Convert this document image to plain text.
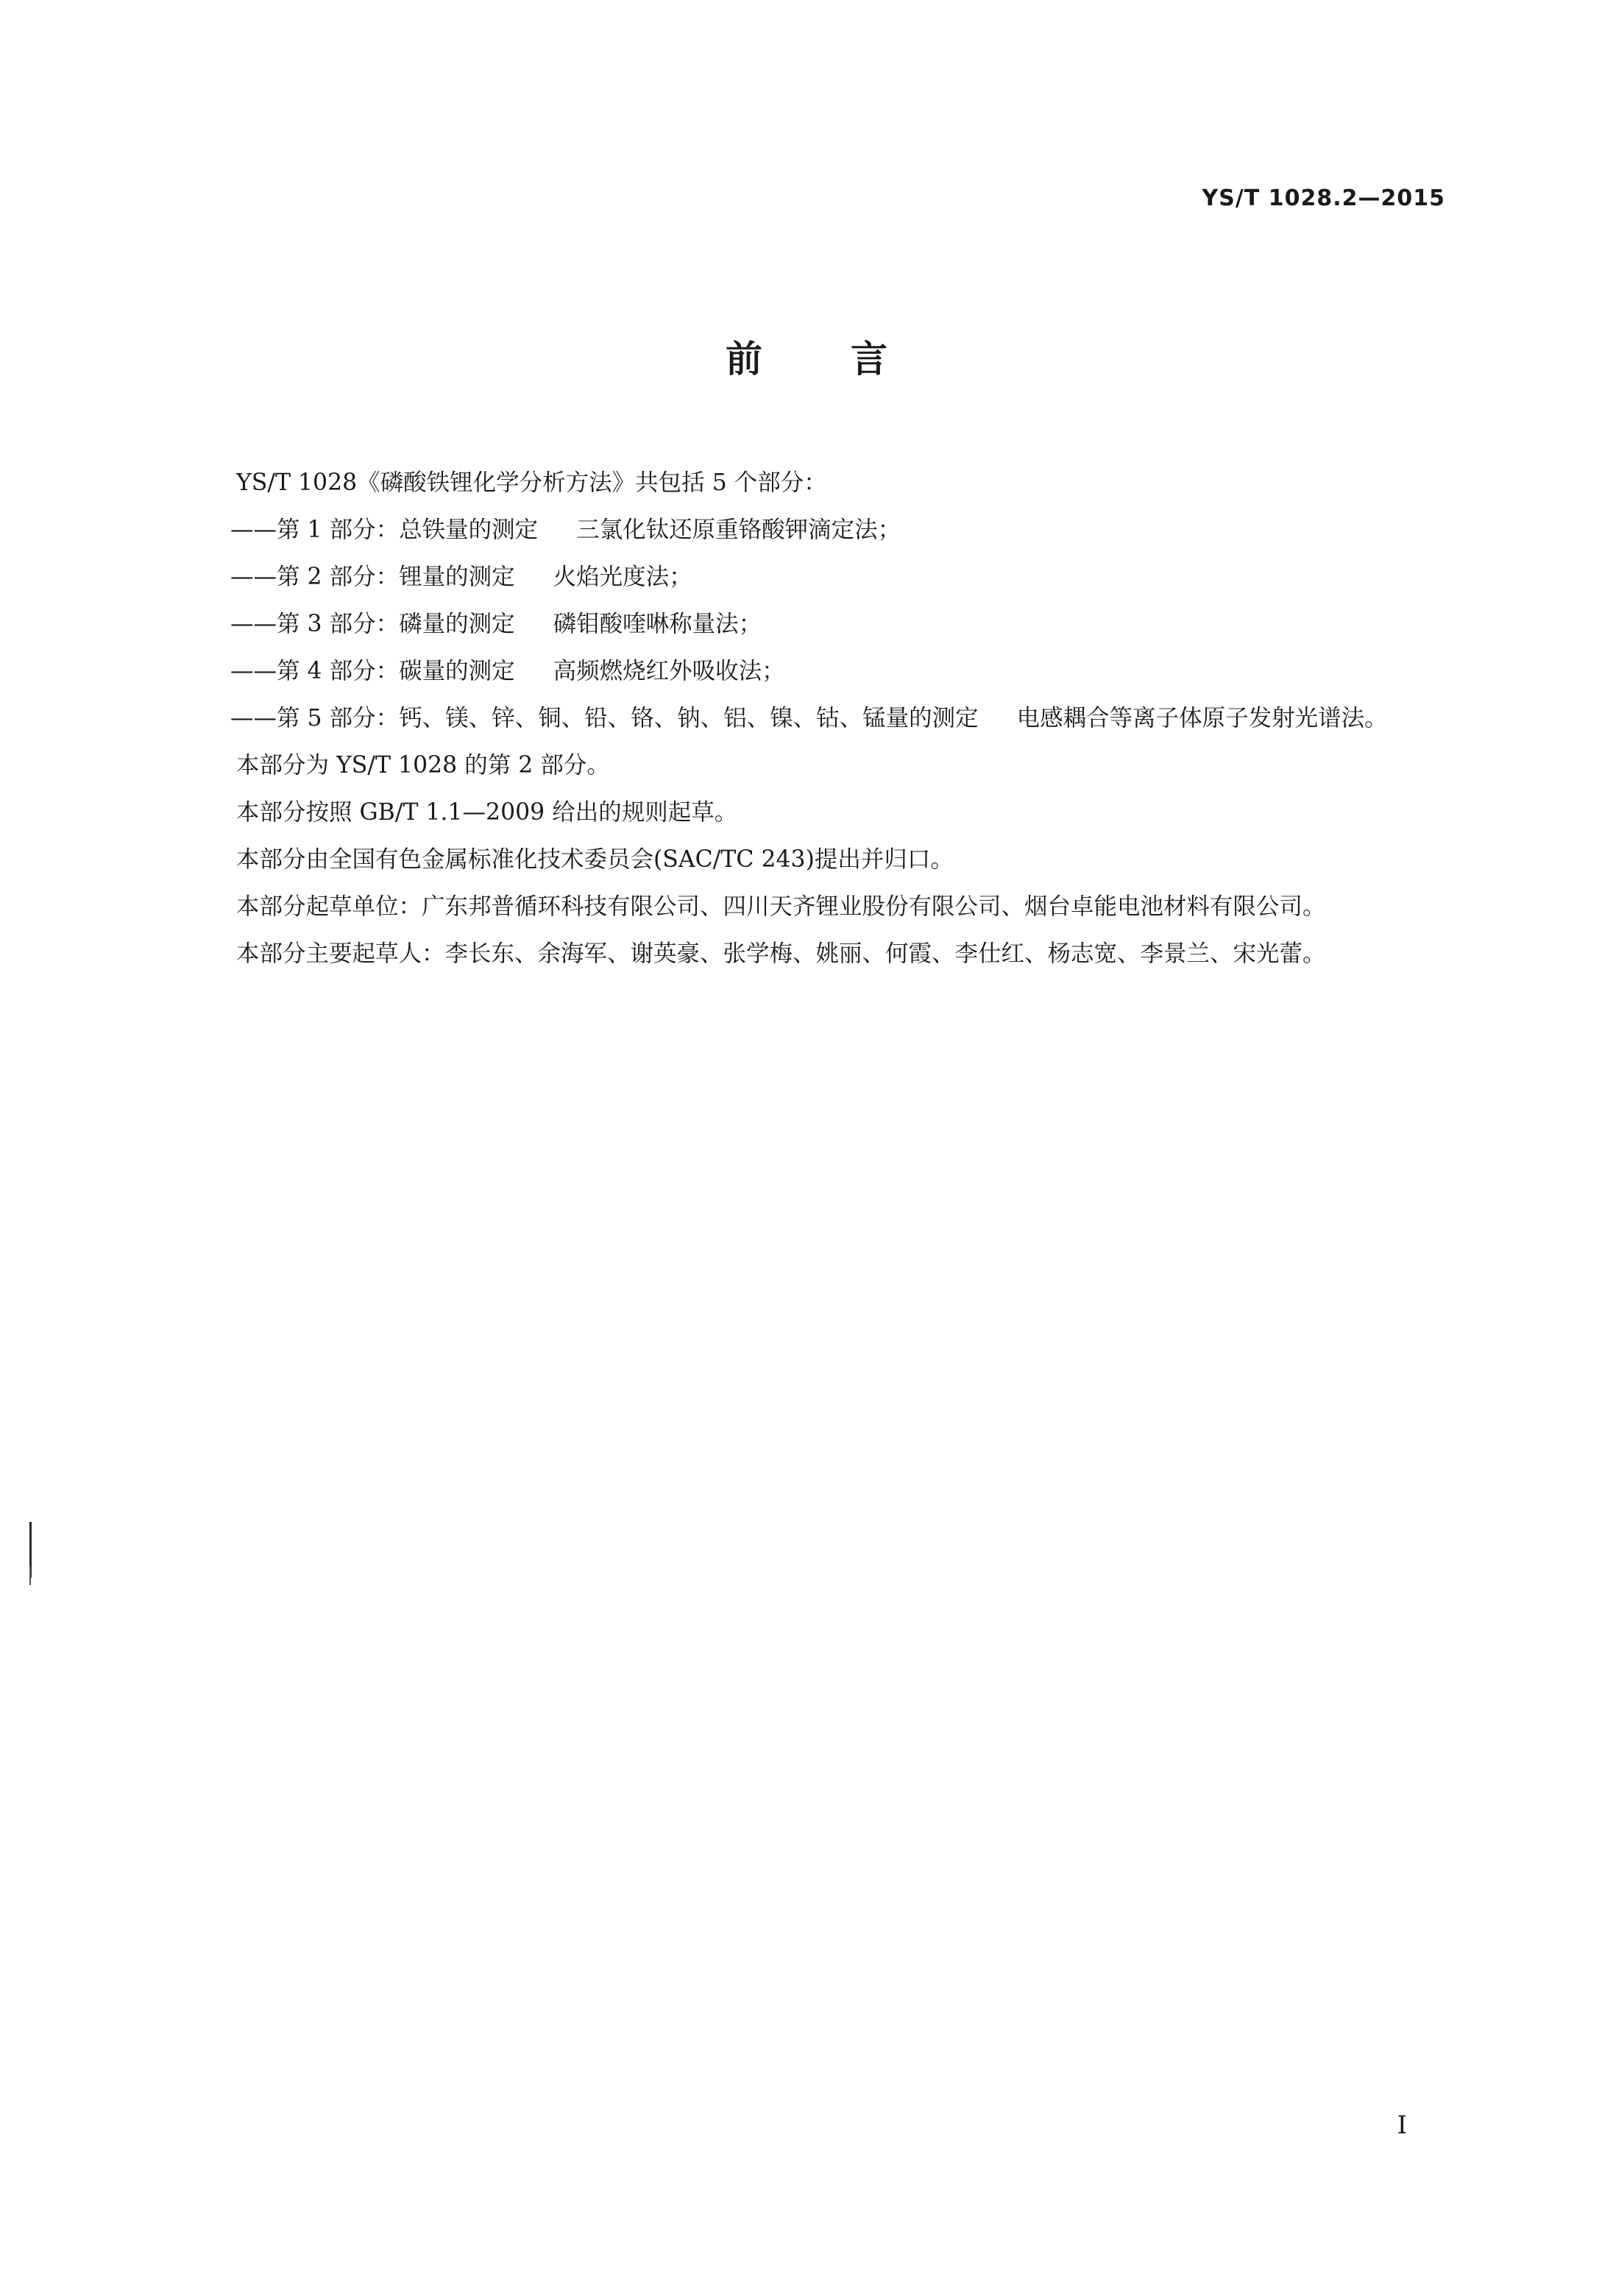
YS/T 1028.2—2015
前言

YS/T 1028《磷酸铁锂化学分析方法》共包括 5 个部分：

——第 1 部分：总铁量的测定 三氯化钛还原重铬酸钾滴定法；

——第 2 部分：锂量的测定 火焰光度法；

——第 3 部分：磷量的测定 磷钼酸喹啉称量法；

——第 4 部分：碳量的测定 高频燃烧红外吸收法；

——第 5 部分：钙、镁、锌、铜、铅、铬、钠、铝、镍、钴、锰量的测定 电感耦合等离子体原子发射光谱法。

本部分为 YS/T 1028 的第 2 部分。

本部分按照 GB/T 1.1—2009 给出的规则起草。

本部分由全国有色金属标准化技术委员会(SAC/TC 243)提出并归口。

本部分起草单位：广东邦普循环科技有限公司、四川天齐锂业股份有限公司、烟台卓能电池材料有限公司。

本部分主要起草人：李长东、余海军、谢英豪、张学梅、姚丽、何霞、李仕红、杨志宽、李景兰、宋光蕾。

I
